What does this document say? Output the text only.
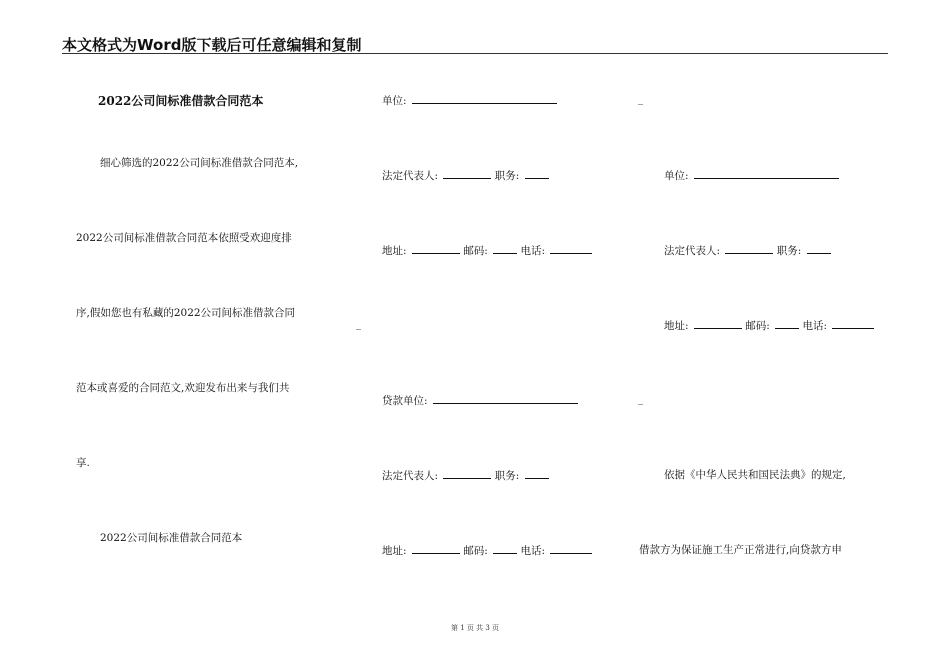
本文格式为Word版下载后可任意编辑和复制
2022公司间标准借款合同范本
细心筛选的2022公司间标准借款合同范本,
2022公司间标准借款合同范本依照受欢迎度排
序,假如您也有私藏的2022公司间标准借款合同
范本或喜爱的合同范文,欢迎发布出来与我们共
享.
2022公司间标准借款合同范本
_
单位:
法定代表人:	职务:
地址:	邮码:	电话:
贷款单位:
法定代表人:	职务:
地址:	邮码:	电话:
_
单位:
法定代表人:	职务:
地址:	邮码:	电话:
_
依据《中华人民共和国民法典》的规定,
借款方为保证施工生产正常进行,向贷款方申
第 1 页 共 3 页
